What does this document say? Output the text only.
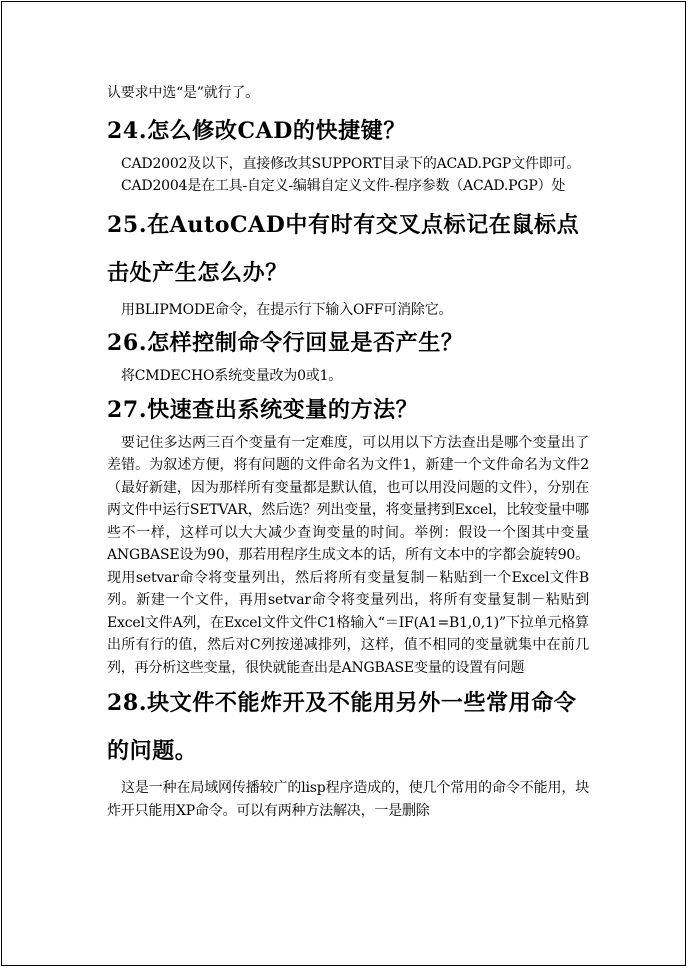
认要求中选“是”就行了。

24.怎么修改CAD的快捷键？

CAD2002及以下，直接修改其SUPPORT目录下的ACAD.PGP文件即可。

CAD2004是在工具-自定义-编辑自定义文件-程序参数（ACAD.PGP）处

25.在AutoCAD中有时有交叉点标记在鼠标点击处产生怎么办？

用BLIPMODE命令，在提示行下输入OFF可消除它。

26.怎样控制命令行回显是否产生？

将CMDECHO系统变量改为0或1。

27.快速查出系统变量的方法？

要记住多达两三百个变量有一定难度，可以用以下方法查出是哪个变量出了差错。为叙述方便，将有问题的文件命名为文件1，新建一个文件命名为文件2（最好新建，因为那样所有变量都是默认值，也可以用没问题的文件），分别在两文件中运行SETVAR，然后选？列出变量，将变量拷到Excel，比较变量中哪些不一样，这样可以大大减少查询变量的时间。举例：假设一个图其中变量ANGBASE设为90，那若用程序生成文本的话，所有文本中的字都会旋转90。现用setvar命令将变量列出，然后将所有变量复制－粘贴到一个Excel文件B列。新建一个文件，再用setvar命令将变量列出，将所有变量复制－粘贴到Excel文件A列，在Excel文件文件C1格输入“＝IF(A1=B1,0,1)”下拉单元格算出所有行的值，然后对C列按递减排列，这样，值不相同的变量就集中在前几列，再分析这些变量，很快就能查出是ANGBASE变量的设置有问题

28.块文件不能炸开及不能用另外一些常用命令的问题。

这是一种在局域网传播较广的lisp程序造成的，使几个常用的命令不能用，块炸开只能用XP命令。可以有两种方法解决，一是删除
